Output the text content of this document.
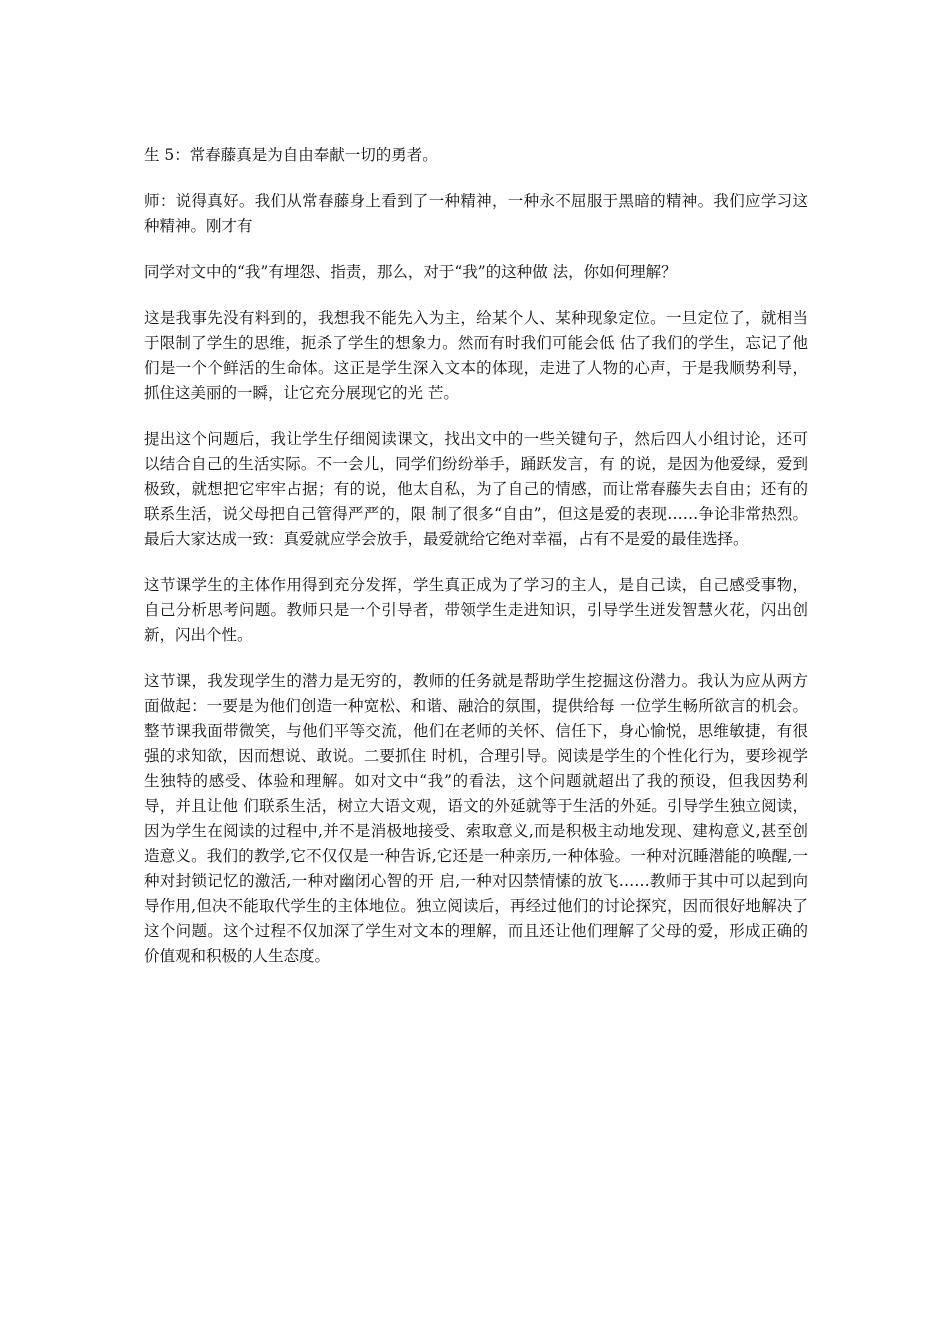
生 5：常春藤真是为自由奉献一切的勇者。

师：说得真好。我们从常春藤身上看到了一种精神，一种永不屈服于黑暗的精神。我们应学习这种精神。刚才有

同学对文中的“我”有埋怨、指责，那么，对于“我”的这种做 法，你如何理解？

这是我事先没有料到的，我想我不能先入为主，给某个人、某种现象定位。一旦定位了，就相当于限制了学生的思维，扼杀了学生的想象力。然而有时我们可能会低 估了我们的学生，忘记了他们是一个个鲜活的生命体。这正是学生深入文本的体现，走进了人物的心声，于是我顺势利导，抓住这美丽的一瞬，让它充分展现它的光 芒。

提出这个问题后，我让学生仔细阅读课文，找出文中的一些关键句子，然后四人小组讨论，还可以结合自己的生活实际。不一会儿，同学们纷纷举手，踊跃发言，有 的说，是因为他爱绿，爱到极致，就想把它牢牢占据；有的说，他太自私，为了自己的情感，而让常春藤失去自由；还有的联系生活，说父母把自己管得严严的，限 制了很多“自由”，但这是爱的表现……争论非常热烈。最后大家达成一致：真爱就应学会放手，最爱就给它绝对幸福，占有不是爱的最佳选择。

这节课学生的主体作用得到充分发挥，学生真正成为了学习的主人，是自己读，自己感受事物，自己分析思考问题。教师只是一个引导者，带领学生走进知识，引导学生迸发智慧火花，闪出创新，闪出个性。

这节课，我发现学生的潜力是无穷的，教师的任务就是帮助学生挖掘这份潜力。我认为应从两方面做起：一要是为他们创造一种宽松、和谐、融洽的氛围，提供给每 一位学生畅所欲言的机会。整节课我面带微笑，与他们平等交流，他们在老师的关怀、信任下，身心愉悦，思维敏捷，有很强的求知欲，因而想说、敢说。二要抓住 时机，合理引导。阅读是学生的个性化行为，要珍视学生独特的感受、体验和理解。如对文中“我”的看法，这个问题就超出了我的预设，但我因势利导，并且让他 们联系生活，树立大语文观，语文的外延就等于生活的外延。引导学生独立阅读，因为学生在阅读的过程中,并不是消极地接受、索取意义,而是积极主动地发现、建构意义,甚至创造意义。我们的教学,它不仅仅是一种告诉,它还是一种亲历,一种体验。一种对沉睡潜能的唤醒,一种对封锁记忆的激活,一种对幽闭心智的开 启,一种对囚禁情愫的放飞……教师于其中可以起到向导作用,但决不能取代学生的主体地位。独立阅读后，再经过他们的讨论探究，因而很好地解决了这个问题。这个过程不仅加深了学生对文本的理解，而且还让他们理解了父母的爱，形成正确的价值观和积极的人生态度。
